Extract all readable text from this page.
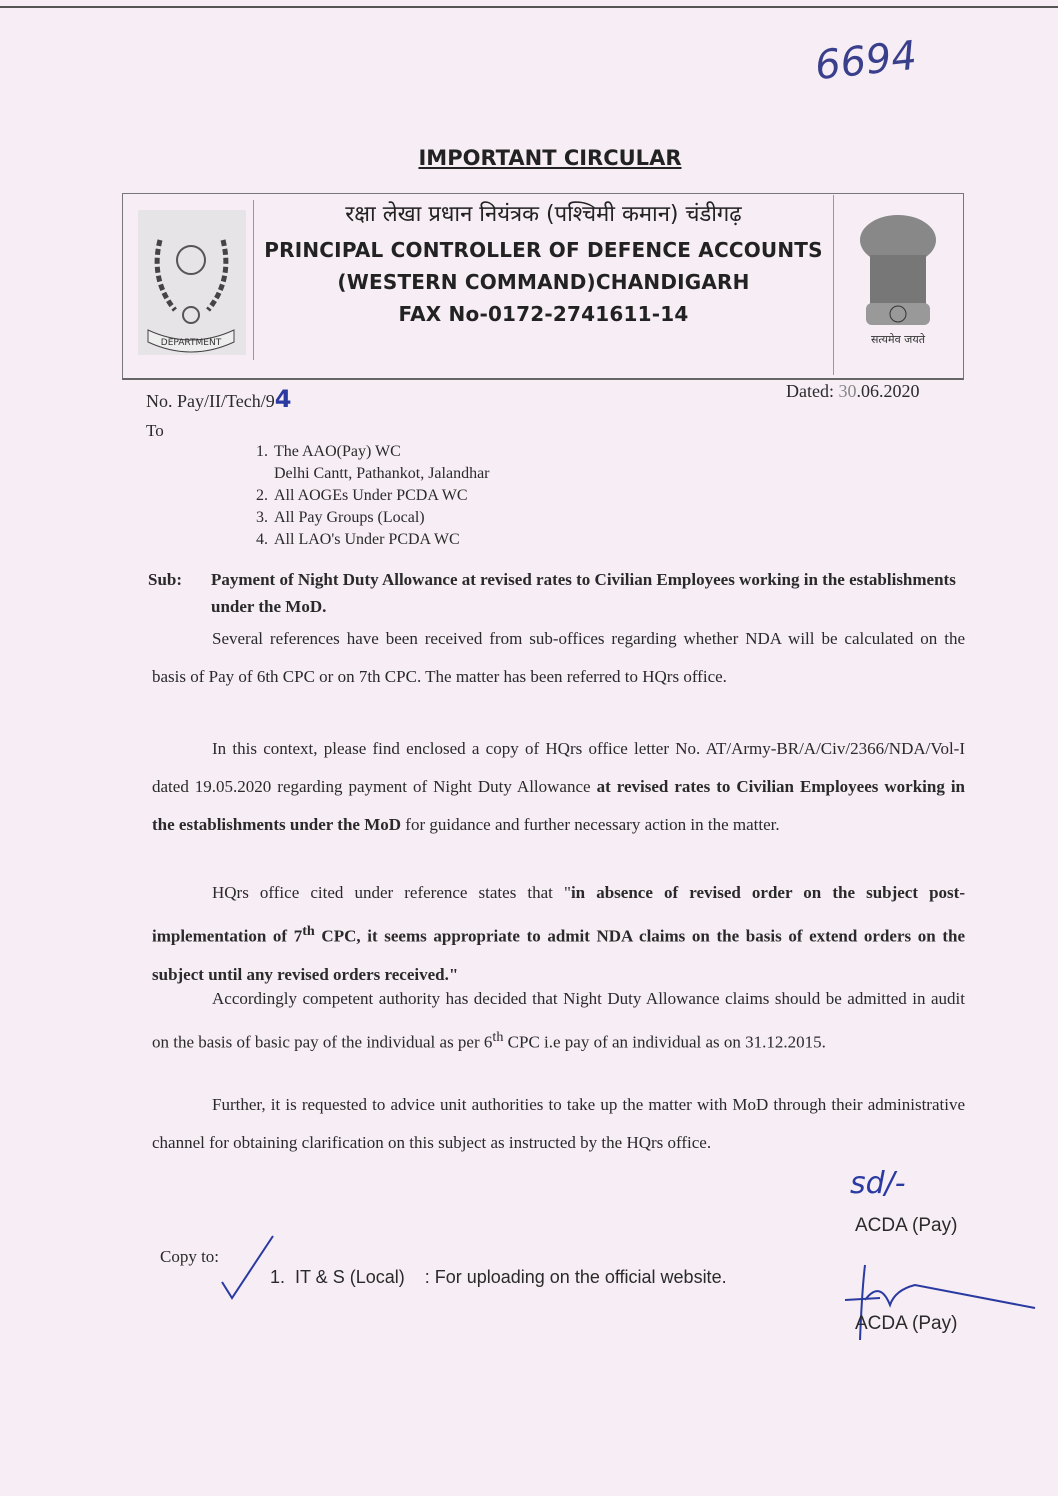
6694
IMPORTANT CIRCULAR
DEPARTMENT
रक्षा लेखा प्रधान नियंत्रक (पश्चिमी कमान) चंडीगढ़
PRINCIPAL CONTROLLER OF DEFENCE ACCOUNTS
(WESTERN COMMAND)CHANDIGARH
FAX No-0172-2741611-14
सत्यमेव जयते
No. Pay/II/Tech/94	Dated: 30.06.2020
To
1. The AAO(Pay) WC
Delhi Cantt, Pathankot, Jalandhar
2. All AOGEs Under PCDA WC
3. All Pay Groups (Local)
4. All LAO's Under PCDA WC
Sub: Payment of Night Duty Allowance at revised rates to Civilian Employees working in the establishments under the MoD.
Several references have been received from sub-offices regarding whether NDA will be calculated on the basis of Pay of 6th CPC or on 7th CPC. The matter has been referred to HQrs office.
In this context, please find enclosed a copy of HQrs office letter No. AT/Army-BR/A/Civ/2366/NDA/Vol-I dated 19.05.2020 regarding payment of Night Duty Allowance at revised rates to Civilian Employees working in the establishments under the MoD for guidance and further necessary action in the matter.
HQrs office cited under reference states that "in absence of revised order on the subject post-implementation of 7th CPC, it seems appropriate to admit NDA claims on the basis of extend orders on the subject until any revised orders received."
Accordingly competent authority has decided that Night Duty Allowance claims should be admitted in audit on the basis of basic pay of the individual as per 6th CPC i.e pay of an individual as on 31.12.2015.
Further, it is requested to advice unit authorities to take up the matter with MoD through their administrative channel for obtaining clarification on this subject as instructed by the HQrs office.
sd/-
ACDA (Pay)
Copy to:
1.  IT & S (Local)    : For uploading on the official website.
ACDA (Pay)
